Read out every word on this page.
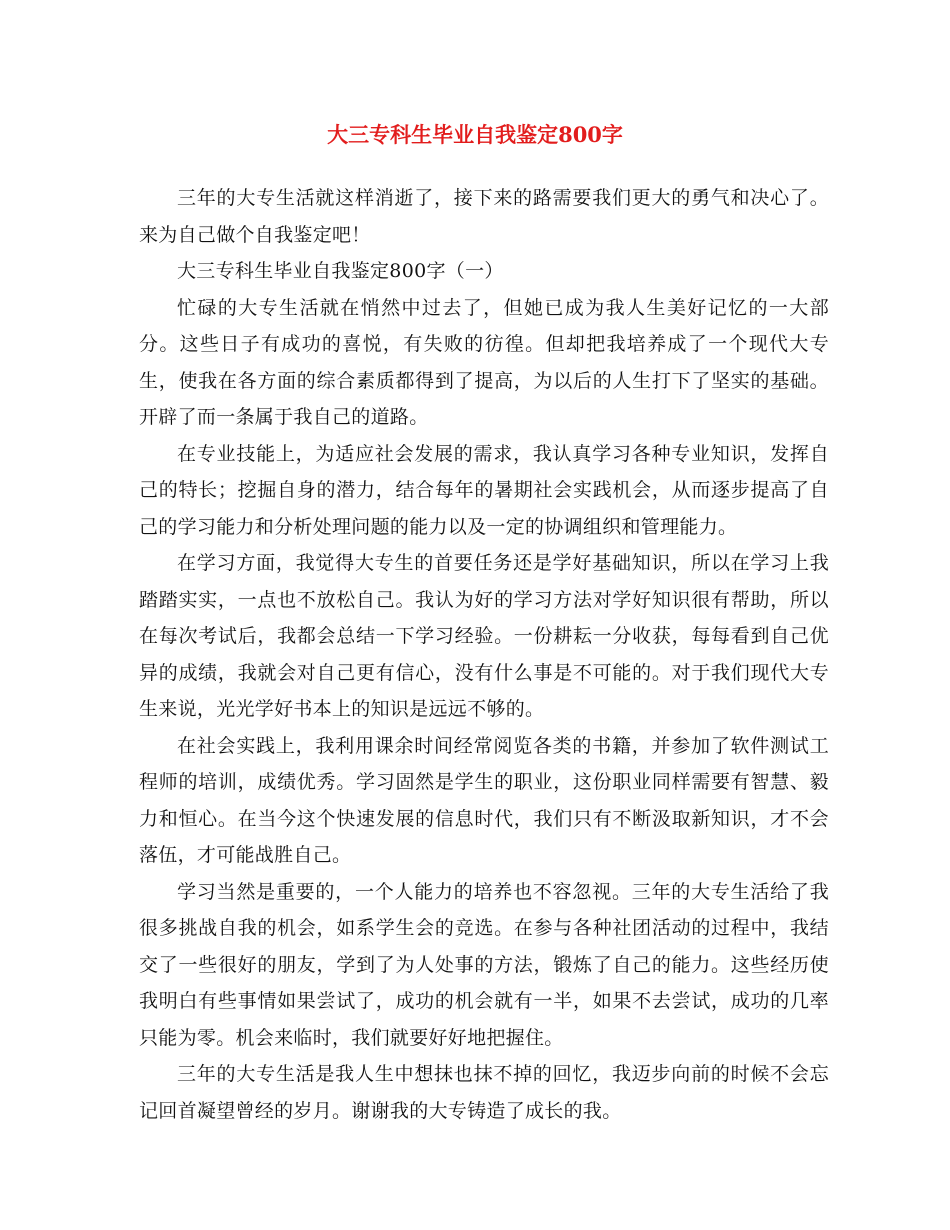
大三专科生毕业自我鉴定800字

三年的大专生活就这样消逝了，接下来的路需要我们更大的勇气和决心了。来为自己做个自我鉴定吧！

大三专科生毕业自我鉴定800字（一）

忙碌的大专生活就在悄然中过去了，但她已成为我人生美好记忆的一大部分。这些日子有成功的喜悦，有失败的彷徨。但却把我培养成了一个现代大专生，使我在各方面的综合素质都得到了提高，为以后的人生打下了坚实的基础。开辟了而一条属于我自己的道路。

在专业技能上，为适应社会发展的需求，我认真学习各种专业知识，发挥自己的特长；挖掘自身的潜力，结合每年的暑期社会实践机会，从而逐步提高了自己的学习能力和分析处理问题的能力以及一定的协调组织和管理能力。

在学习方面，我觉得大专生的首要任务还是学好基础知识，所以在学习上我踏踏实实，一点也不放松自己。我认为好的学习方法对学好知识很有帮助，所以在每次考试后，我都会总结一下学习经验。一份耕耘一分收获，每每看到自己优异的成绩，我就会对自己更有信心，没有什么事是不可能的。对于我们现代大专生来说，光光学好书本上的知识是远远不够的。

在社会实践上，我利用课余时间经常阅览各类的书籍，并参加了软件测试工程师的培训，成绩优秀。学习固然是学生的职业，这份职业同样需要有智慧、毅力和恒心。在当今这个快速发展的信息时代，我们只有不断汲取新知识，才不会落伍，才可能战胜自己。

学习当然是重要的，一个人能力的培养也不容忽视。三年的大专生活给了我很多挑战自我的机会，如系学生会的竞选。在参与各种社团活动的过程中，我结交了一些很好的朋友，学到了为人处事的方法，锻炼了自己的能力。这些经历使我明白有些事情如果尝试了，成功的机会就有一半，如果不去尝试，成功的几率只能为零。机会来临时，我们就要好好地把握住。

三年的大专生活是我人生中想抹也抹不掉的回忆，我迈步向前的时候不会忘记回首凝望曾经的岁月。谢谢我的大专铸造了成长的我。
